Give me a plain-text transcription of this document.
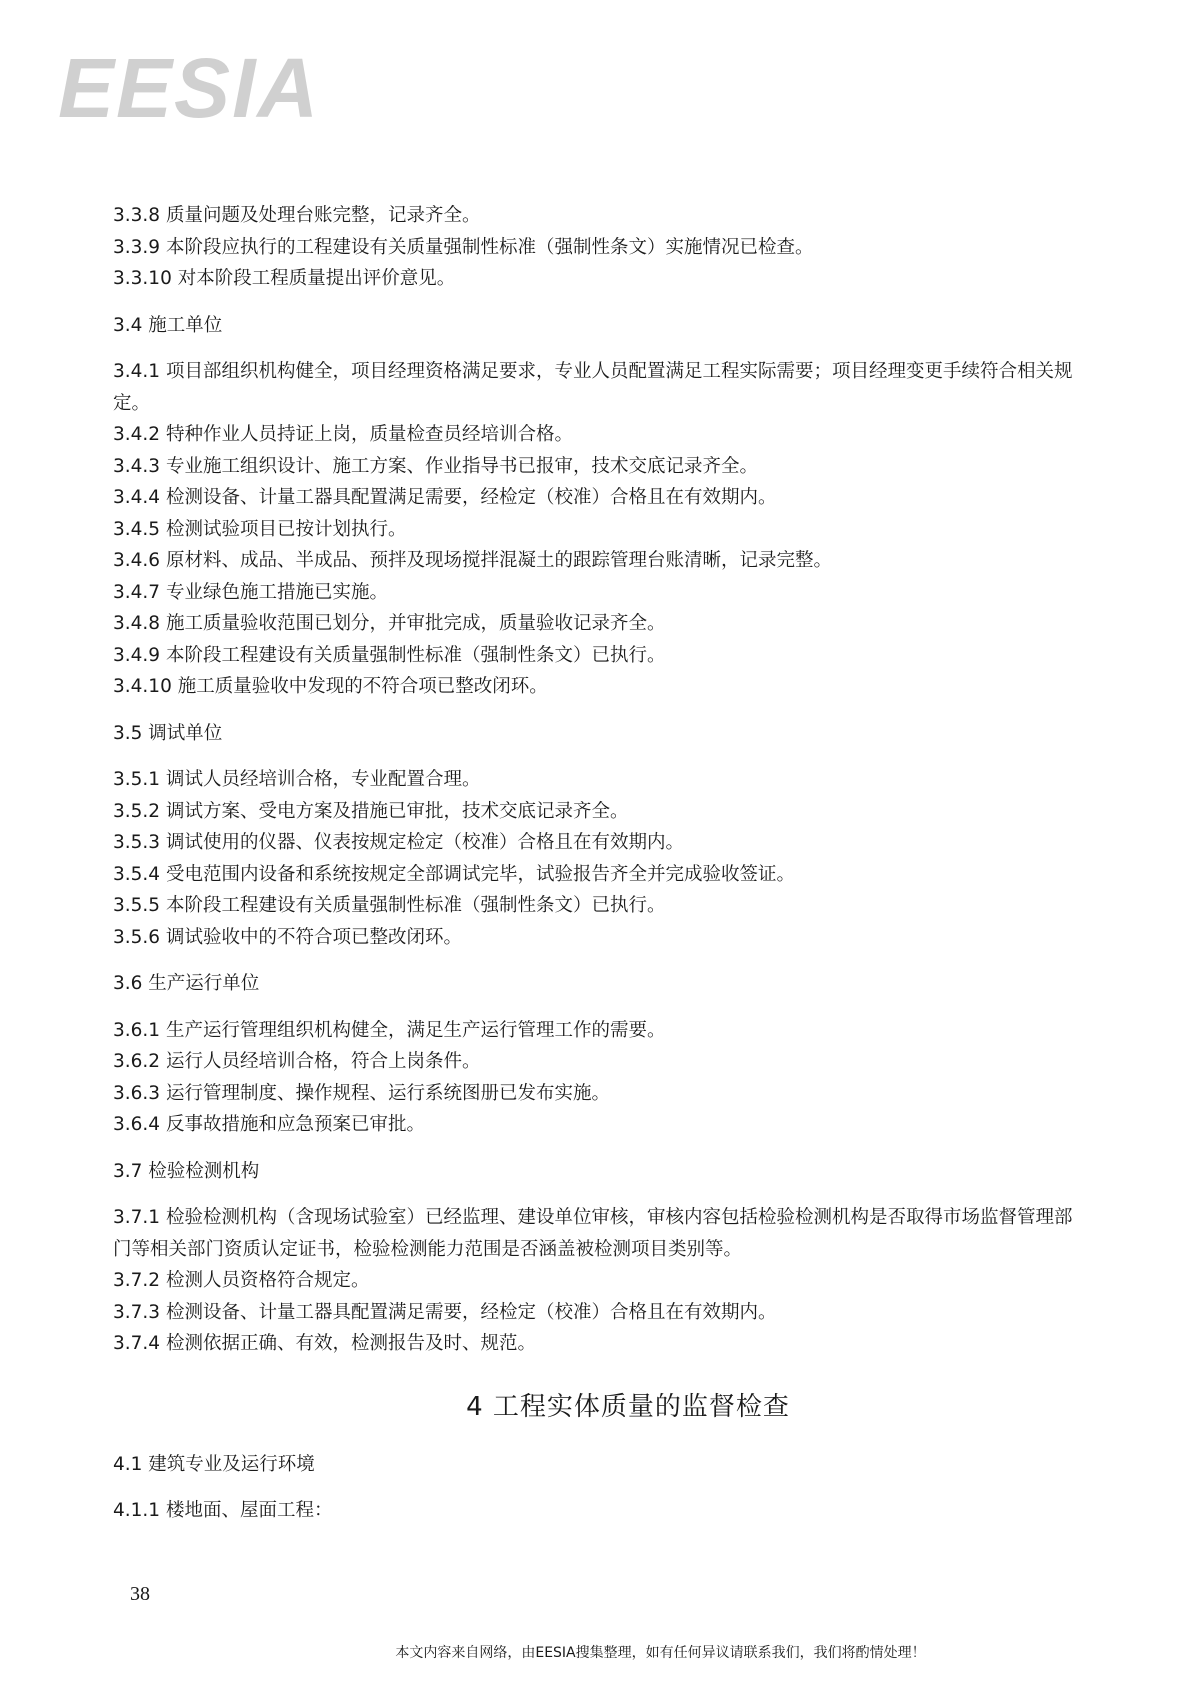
EESIA
3.3.8 质量问题及处理台账完整，记录齐全。
3.3.9 本阶段应执行的工程建设有关质量强制性标准（强制性条文）实施情况已检查。
3.3.10 对本阶段工程质量提出评价意见。
3.4 施工单位
3.4.1 项目部组织机构健全，项目经理资格满足要求，专业人员配置满足工程实际需要；项目经理变更手续符合相关规定。
3.4.2 特种作业人员持证上岗，质量检查员经培训合格。
3.4.3 专业施工组织设计、施工方案、作业指导书已报审，技术交底记录齐全。
3.4.4 检测设备、计量工器具配置满足需要，经检定（校准）合格且在有效期内。
3.4.5 检测试验项目已按计划执行。
3.4.6 原材料、成品、半成品、预拌及现场搅拌混凝土的跟踪管理台账清晰，记录完整。
3.4.7 专业绿色施工措施已实施。
3.4.8 施工质量验收范围已划分，并审批完成，质量验收记录齐全。
3.4.9 本阶段工程建设有关质量强制性标准（强制性条文）已执行。
3.4.10 施工质量验收中发现的不符合项已整改闭环。
3.5 调试单位
3.5.1 调试人员经培训合格，专业配置合理。
3.5.2 调试方案、受电方案及措施已审批，技术交底记录齐全。
3.5.3 调试使用的仪器、仪表按规定检定（校准）合格且在有效期内。
3.5.4 受电范围内设备和系统按规定全部调试完毕，试验报告齐全并完成验收签证。
3.5.5 本阶段工程建设有关质量强制性标准（强制性条文）已执行。
3.5.6 调试验收中的不符合项已整改闭环。
3.6 生产运行单位
3.6.1 生产运行管理组织机构健全，满足生产运行管理工作的需要。
3.6.2 运行人员经培训合格，符合上岗条件。
3.6.3 运行管理制度、操作规程、运行系统图册已发布实施。
3.6.4 反事故措施和应急预案已审批。
3.7 检验检测机构
3.7.1 检验检测机构（含现场试验室）已经监理、建设单位审核，审核内容包括检验检测机构是否取得市场监督管理部门等相关部门资质认定证书，检验检测能力范围是否涵盖被检测项目类别等。
3.7.2 检测人员资格符合规定。
3.7.3 检测设备、计量工器具配置满足需要，经检定（校准）合格且在有效期内。
3.7.4 检测依据正确、有效，检测报告及时、规范。
4 工程实体质量的监督检查
4.1 建筑专业及运行环境
4.1.1 楼地面、屋面工程：
38
本文内容来自网络，由EESIA搜集整理，如有任何异议请联系我们，我们将酌情处理！
